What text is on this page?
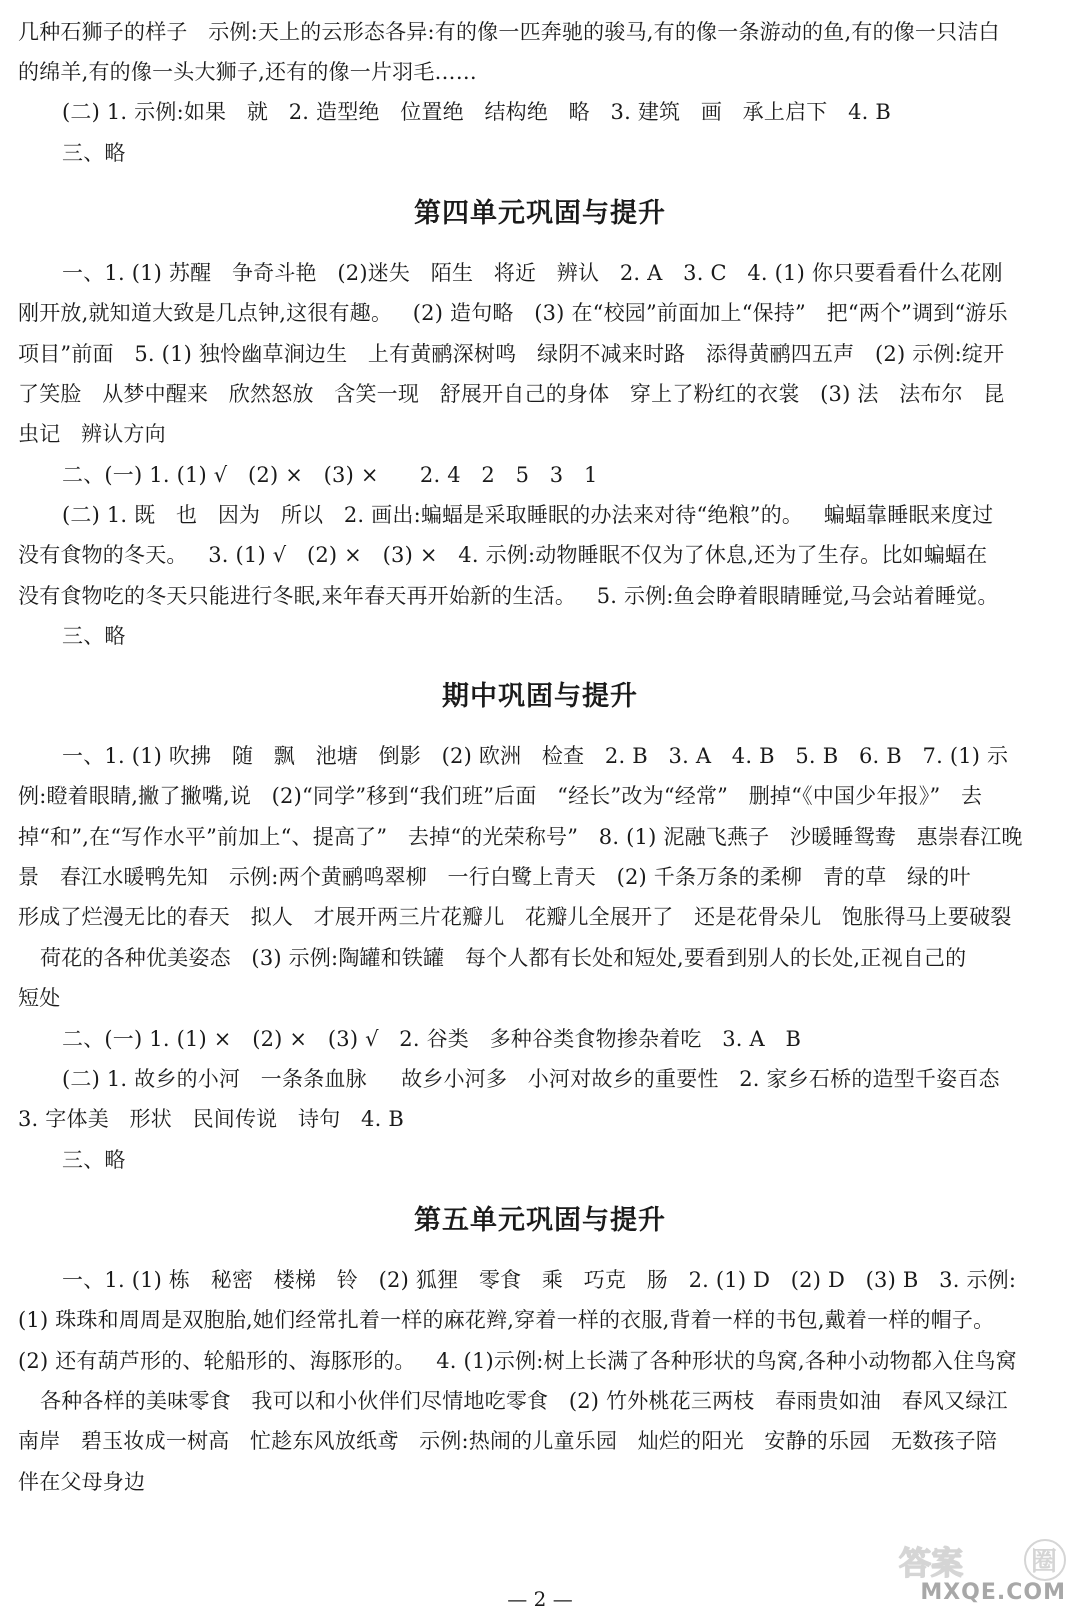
几种石狮子的样子   示例:天上的云形态各异:有的像一匹奔驰的骏马,有的像一条游动的鱼,有的像一只洁白
的绵羊,有的像一头大狮子,还有的像一片羽毛……
(二) 1. 示例:如果   就   2. 造型绝   位置绝   结构绝   略   3. 建筑   画   承上启下   4. B
三、略
第四单元巩固与提升
一、1. (1) 苏醒   争奇斗艳   (2)迷失   陌生   将近   辨认   2. A   3. C   4. (1) 你只要看看什么花刚
刚开放,就知道大致是几点钟,这很有趣。   (2) 造句略   (3) 在“校园”前面加上“保持”   把“两个”调到“游乐
项目”前面   5. (1) 独怜幽草涧边生   上有黄鹂深树鸣   绿阴不减来时路   添得黄鹂四五声   (2) 示例:绽开
了笑脸   从梦中醒来   欣然怒放   含笑一现   舒展开自己的身体   穿上了粉红的衣裳   (3) 法   法布尔   昆
虫记   辨认方向
二、(一) 1. (1) √   (2) ×   (3) ×      2. 4   2   5   3   1
(二) 1. 既   也   因为   所以   2. 画出:蝙蝠是采取睡眠的办法来对待“绝粮”的。   蝙蝠靠睡眠来度过
没有食物的冬天。   3. (1) √   (2) ×   (3) ×   4. 示例:动物睡眠不仅为了休息,还为了生存。比如蝙蝠在
没有食物吃的冬天只能进行冬眠,来年春天再开始新的生活。   5. 示例:鱼会睁着眼睛睡觉,马会站着睡觉。
三、略
期中巩固与提升
一、1. (1) 吹拂   随   飘   池塘   倒影   (2) 欧洲   检查   2. B   3. A   4. B   5. B   6. B   7. (1) 示
例:瞪着眼睛,撇了撇嘴,说   (2)“同学”移到“我们班”后面   “经长”改为“经常”   删掉“《中国少年报》”   去
掉“和”,在“写作水平”前加上“、提高了”   去掉“的光荣称号”   8. (1) 泥融飞燕子   沙暖睡鸳鸯   惠崇春江晚
景   春江水暖鸭先知   示例:两个黄鹂鸣翠柳   一行白鹭上青天   (2) 千条万条的柔柳   青的草   绿的叶
形成了烂漫无比的春天   拟人   才展开两三片花瓣儿   花瓣儿全展开了   还是花骨朵儿   饱胀得马上要破裂
荷花的各种优美姿态   (3) 示例:陶罐和铁罐   每个人都有长处和短处,要看到别人的长处,正视自己的
短处
二、(一) 1. (1) ×   (2) ×   (3) √   2. 谷类   多种谷类食物掺杂着吃   3. A   B
(二) 1. 故乡的小河   一条条血脉     故乡小河多   小河对故乡的重要性   2. 家乡石桥的造型千姿百态
3. 字体美   形状   民间传说   诗句   4. B
三、略
第五单元巩固与提升
一、1. (1) 栋   秘密   楼梯   铃   (2) 狐狸   零食   乘   巧克   肠   2. (1) D   (2) D   (3) B   3. 示例:
(1) 珠珠和周周是双胞胎,她们经常扎着一样的麻花辫,穿着一样的衣服,背着一样的书包,戴着一样的帽子。
(2) 还有葫芦形的、轮船形的、海豚形的。   4. (1)示例:树上长满了各种形状的鸟窝,各种小动物都入住鸟窝
各种各样的美味零食   我可以和小伙伴们尽情地吃零食   (2) 竹外桃花三两枝   春雨贵如油   春风又绿江
南岸   碧玉妆成一树高   忙趁东风放纸鸢   示例:热闹的儿童乐园   灿烂的阳光   安静的乐园   无数孩子陪
伴在父母身边
答案	圈
MXQE.COM
— 2 —
